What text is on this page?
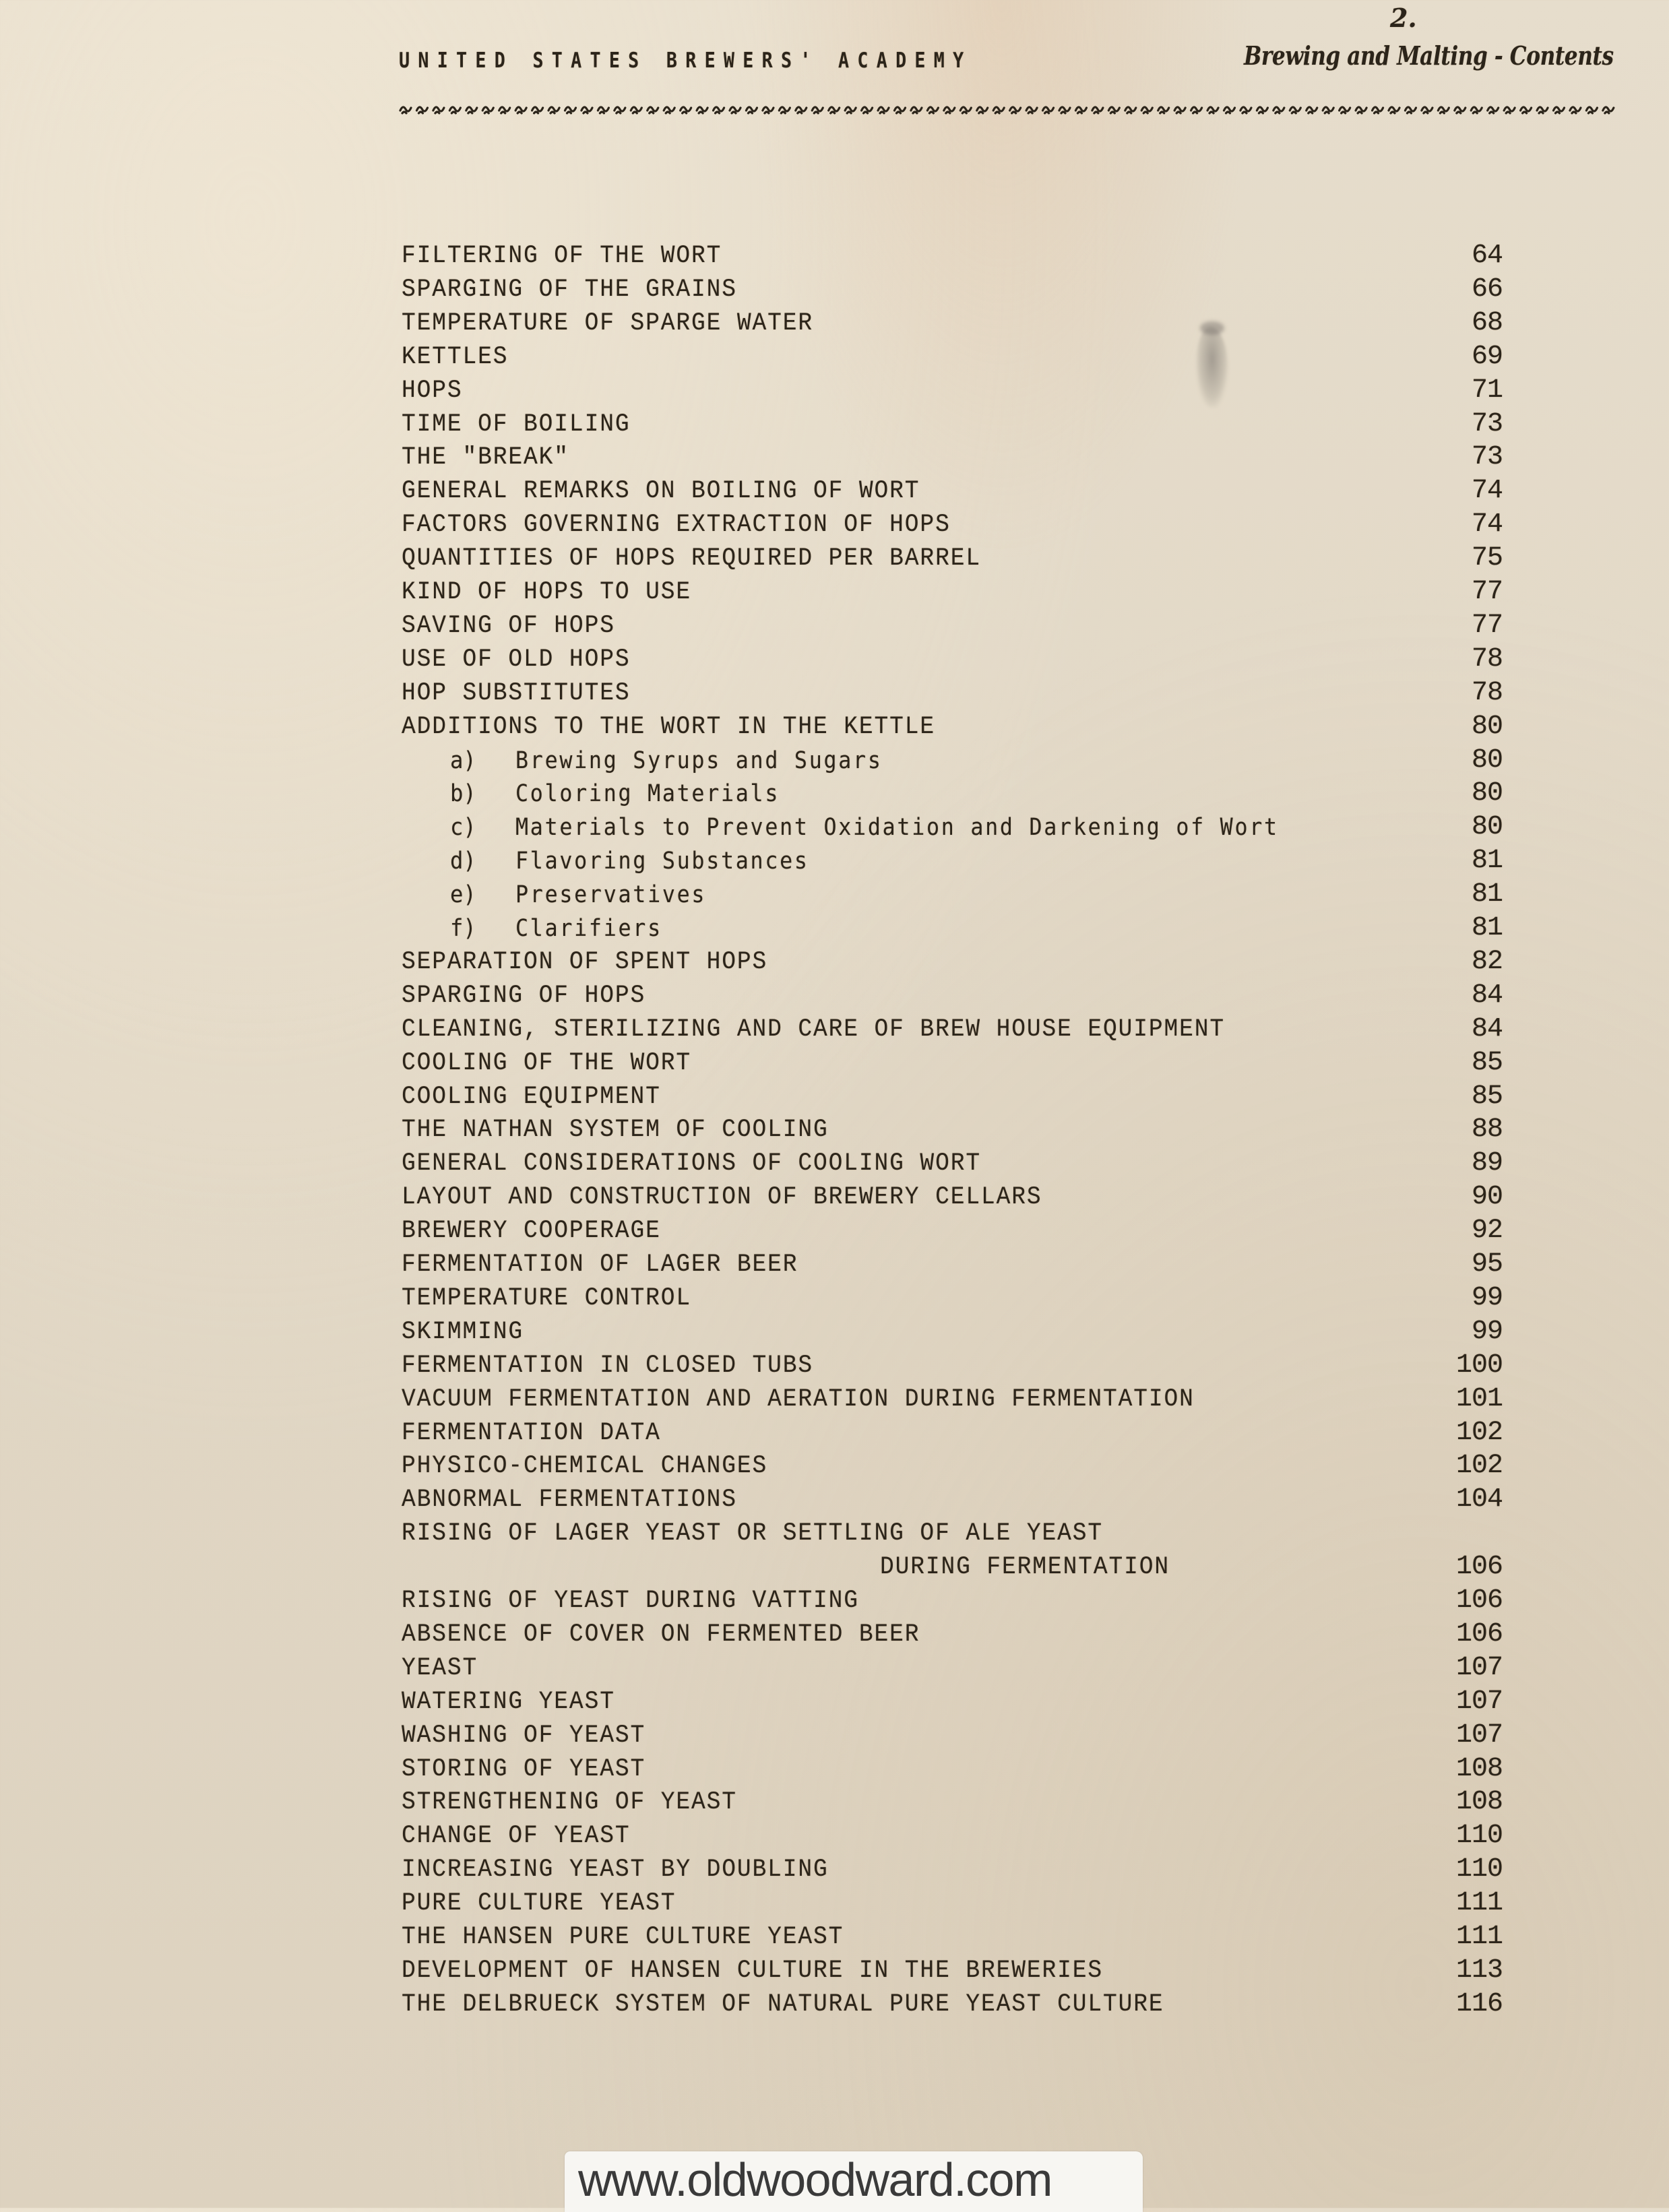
2.
UNITED STATES BREWERS' ACADEMY	Brewing and Malting - Contents
FILTERING OF THE WORT	64
SPARGING OF THE GRAINS	66
TEMPERATURE OF SPARGE WATER	68
KETTLES	69
HOPS	71
TIME OF BOILING	73
THE "BREAK"	73
GENERAL REMARKS ON BOILING OF WORT	74
FACTORS GOVERNING EXTRACTION OF HOPS	74
QUANTITIES OF HOPS REQUIRED PER BARREL	75
KIND OF HOPS TO USE	77
SAVING OF HOPS	77
USE OF OLD HOPS	78
HOP SUBSTITUTES	78
ADDITIONS TO THE WORT IN THE KETTLE	80
a) Brewing Syrups and Sugars	80
b) Coloring Materials	80
c) Materials to Prevent Oxidation and Darkening of Wort	80
d) Flavoring Substances	81
e) Preservatives	81
f) Clarifiers	81
SEPARATION OF SPENT HOPS	82
SPARGING OF HOPS	84
CLEANING, STERILIZING AND CARE OF BREW HOUSE EQUIPMENT	84
COOLING OF THE WORT	85
COOLING EQUIPMENT	85
THE NATHAN SYSTEM OF COOLING	88
GENERAL CONSIDERATIONS OF COOLING WORT	89
LAYOUT AND CONSTRUCTION OF BREWERY CELLARS	90
BREWERY COOPERAGE	92
FERMENTATION OF LAGER BEER	95
TEMPERATURE CONTROL	99
SKIMMING	99
FERMENTATION IN CLOSED TUBS	100
VACUUM FERMENTATION AND AERATION DURING FERMENTATION	101
FERMENTATION DATA	102
PHYSICO-CHEMICAL CHANGES	102
ABNORMAL FERMENTATIONS	104
RISING OF LAGER YEAST OR SETTLING OF ALE YEAST
DURING FERMENTATION	106
RISING OF YEAST DURING VATTING	106
ABSENCE OF COVER ON FERMENTED BEER	106
YEAST	107
WATERING YEAST	107
WASHING OF YEAST	107
STORING OF YEAST	108
STRENGTHENING OF YEAST	108
CHANGE OF YEAST	110
INCREASING YEAST BY DOUBLING	110
PURE CULTURE YEAST	111
THE HANSEN PURE CULTURE YEAST	111
DEVELOPMENT OF HANSEN CULTURE IN THE BREWERIES	113
THE DELBRUECK SYSTEM OF NATURAL PURE YEAST CULTURE	116
www.oldwoodward.com
